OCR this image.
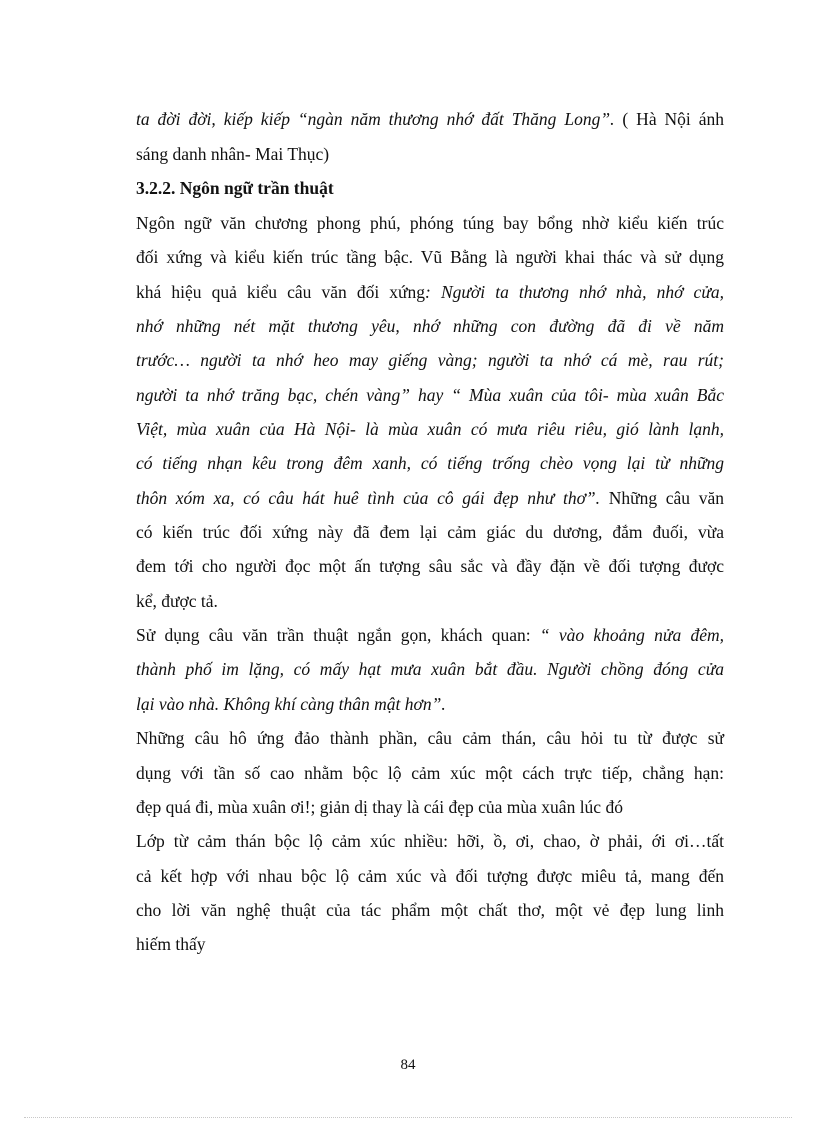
ta đời đời, kiếp kiếp “ngàn năm thương nhớ đất Thăng Long”. ( Hà Nội ánh
sáng danh nhân- Mai Thục)
3.2.2. Ngôn ngữ trần thuật
Ngôn ngữ văn chương phong phú, phóng túng bay bổng nhờ kiểu kiến trúc
đối xứng và kiểu kiến trúc tầng bậc. Vũ Bằng là người khai thác và sử dụng
khá hiệu quả kiểu câu văn đối xứng: Người ta thương nhớ nhà, nhớ cửa,
nhớ những nét mặt thương yêu, nhớ những con đường đã đi về năm
trước… người ta nhớ heo may giếng vàng; người ta nhớ cá mè, rau rút;
người ta nhớ trăng bạc, chén vàng” hay “ Mùa xuân của tôi- mùa xuân Bắc
Việt, mùa xuân của Hà Nội- là mùa xuân có mưa riêu riêu, gió lành lạnh,
có tiếng nhạn kêu trong đêm xanh, có tiếng trống chèo vọng lại từ những
thôn xóm xa, có câu hát huê tình của cô gái đẹp như thơ”. Những câu văn
có kiến trúc đối xứng này đã đem lại cảm giác du dương, đắm đuối, vừa
đem tới cho người đọc một ấn tượng sâu sắc và đầy đặn về đối tượng được
kể, được tả.
Sử dụng câu văn trần thuật ngắn gọn, khách quan: “ vào khoảng nửa đêm,
thành phố im lặng, có mấy hạt mưa xuân bắt đầu. Người chồng đóng cửa
lại vào nhà. Không khí càng thân mật hơn”.
Những câu hô ứng đảo thành phần, câu cảm thán, câu hỏi tu từ được sử
dụng với tần số cao nhằm bộc lộ cảm xúc một cách trực tiếp, chẳng hạn:
đẹp quá đi, mùa xuân ơi!; giản dị thay là cái đẹp của mùa xuân lúc đó
Lớp từ cảm thán bộc lộ cảm xúc nhiều: hỡi, ồ, ơi, chao, ờ phải, ới ơi…tất
cả kết hợp với nhau bộc lộ cảm xúc và đối tượng được miêu tả, mang đến
cho lời văn nghệ thuật của tác phẩm một chất thơ, một vẻ đẹp lung linh
hiếm thấy
84
